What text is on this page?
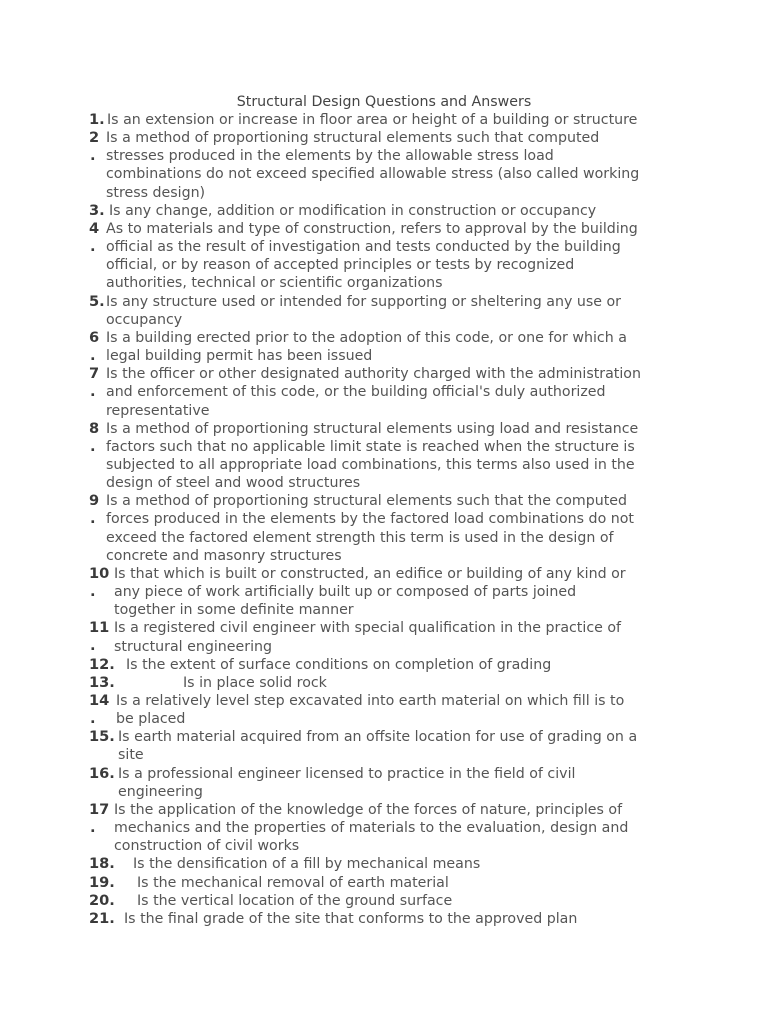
Structural Design Questions and Answers
1. Is an extension or increase in floor area or height of a building or structure
2
.
Is a method of proportioning structural elements such that computed
stresses produced in the elements by the allowable stress load
combinations do not exceed specified allowable stress (also called working
stress design)
3. Is any change, addition or modification in construction or occupancy
4
.
As to materials and type of construction, refers to approval by the building
official as the result of investigation and tests conducted by the building
official, or by reason of accepted principles or tests by recognized
authorities, technical or scientific organizations
5. Is any structure used or intended for supporting or sheltering any use or
occupancy
6
.
Is a building erected prior to the adoption of this code, or one for which a
legal building permit has been issued
7
.
Is the officer or other designated authority charged with the administration
and enforcement of this code, or the building official's duly authorized
representative
8
.
Is a method of proportioning structural elements using load and resistance
factors such that no applicable limit state is reached when the structure is
subjected to all appropriate load combinations, this terms also used in the
design of steel and wood structures
9
.
Is a method of proportioning structural elements such that the computed
forces produced in the elements by the factored load combinations do not
exceed the factored element strength this term is used in the design of
concrete and masonry structures
10
.
Is that which is built or constructed, an edifice or building of any kind or
any piece of work artificially built up or composed of parts joined
together in some definite manner
11
.
Is a registered civil engineer with special qualification in the practice of
structural engineering
12. Is the extent of surface conditions on completion of grading
13.	Is in place solid rock
14
.
Is a relatively level step excavated into earth material on which fill is to
be placed
15. Is earth material acquired from an offsite location for use of grading on a
site
16. Is a professional engineer licensed to practice in the field of civil
engineering
17
.
Is the application of the knowledge of the forces of nature, principles of
mechanics and the properties of materials to the evaluation, design and
construction of civil works
18.	Is the densification of a fill by mechanical means
19.	Is the mechanical removal of earth material
20.	Is the vertical location of the ground surface
21. Is the final grade of the site that conforms to the approved plan
